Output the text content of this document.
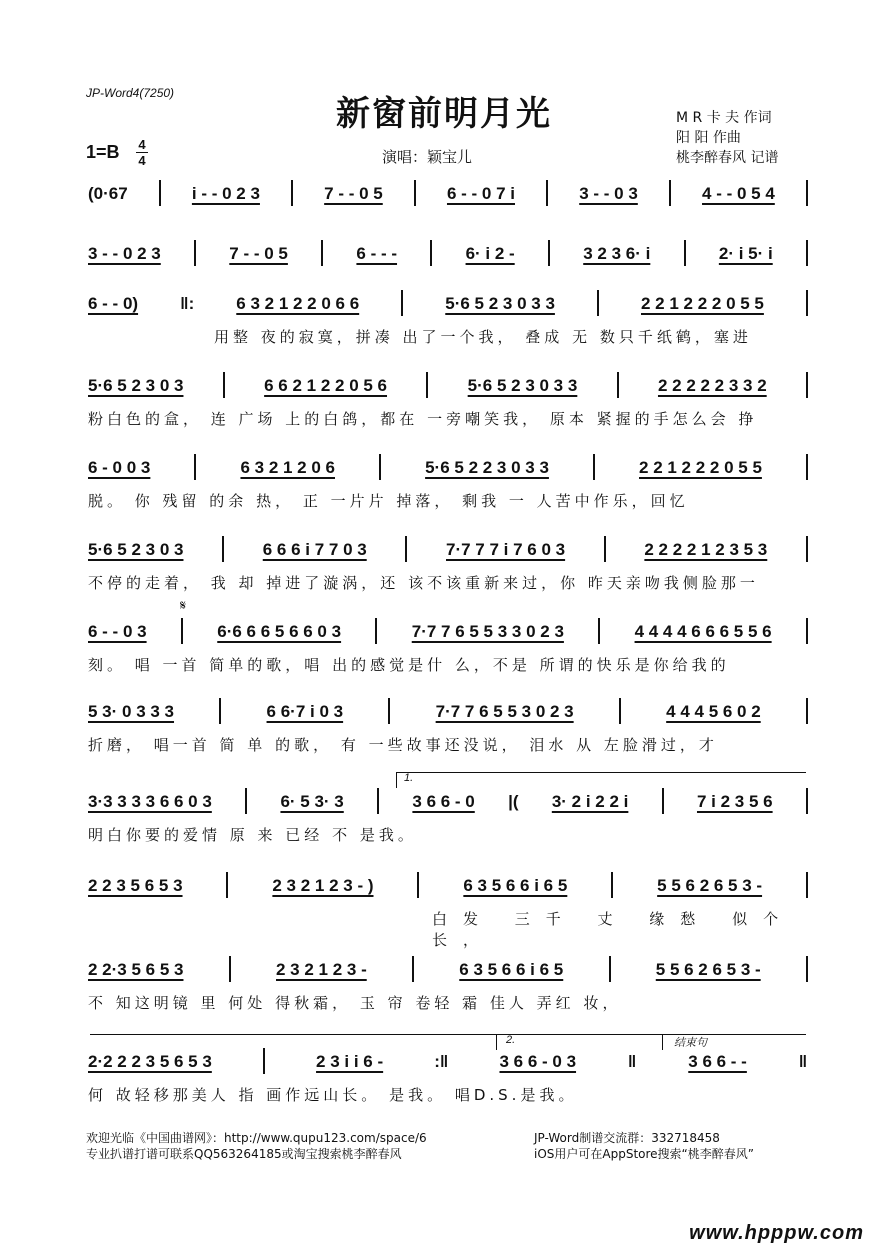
JP-Word4(7250)
新窗前明月光
演唱：颖宝儿
M R 卡 夫 作词
阳 阳 作曲
桃李醉春风 记谱
1=B 4
4
𝄋
(0·67	i - - 0 2 3	7 - - 0 5	6 - - 0 7 i	3 - - 0 3	4 - - 0 5 4
3 - - 0 2 3	7 - - 0 5	6 - - -	6· i 2 -	3 2 3 6· i	2· i 5· i
6 - - 0) ‖: 6 3 2 1 2 2 0 6 6	5·6 5 2 3 0 3 3	2 2 1 2 2 2 0 5 5
用整 夜的寂寞，拼凑 出了一个我， 叠成 无 数只千纸鹤，塞进
5·6 5 2 3 0 3	6 6 2 1 2 2 0 5 6	5·6 5 2 3 0 3 3	2 2 2 2 2 3 3 2
粉白色的盒， 连 广场 上的白鸽，都在 一旁嘲笑我， 原本 紧握的手怎么会 挣
6 - 0 0 3	6 3 2 1 2 0 6	5·6 5 2 2 3 0 3 3	2 2 1 2 2 2 0 5 5
脱。 你 残留 的余 热， 正 一片片 掉落， 剩我 一 人苦中作乐，回忆
5·6 5 2 3 0 3	6 6 6 i 7 7 0 3	7·7 7 7 i 7 6 0 3	2 2 2 2 1 2 3 5 3
不停的走着， 我 却 掉进了漩涡，还 该不该重新来过，你 昨天亲吻我侧脸那一
6 - - 0 3	6·6 6 6 5 6 6 0 3	7·7 7 6 5 5 3 3 0 2 3	4 4 4 4 6 6 6 5 5 6
刻。 唱 一首 简单的歌，唱 出的感觉是什 么，不是 所谓的快乐是你给我的
5 3· 0 3 3 3	6 6·7 i 0 3	7·7 7 6 5 5 3 0 2 3	4 4 4 5 6 0 2
折磨， 唱一首 简 单 的歌， 有 一些故事还没说， 泪水 从 左脸滑过，才
3·3 3 3 3 6 6 0 3	6· 5 3· 3	3 6 6 - 0 |( 3· 2 i 2 2 i	7 i 2 3 5 6
明白你要的爱情 原 来 已经 不 是我。
2 2 3 5 6 5 3	2 3 2 1 2 3 - )	6 3 5 6 6 i 6 5	5 5 6 2 6 5 3 -
白发 三千 丈 缘愁 似个 长，
2 2·3 5 6 5 3	2 3 2 1 2 3 -	6 3 5 6 6 i 6 5	5 5 6 2 6 5 3 -
不 知这明镜 里 何处 得秋霜， 玉 帘 卷轻 霜 佳人 弄红 妆，
2·2 2 2 3 5 6 5 3	2 3 i i 6 -	:‖	3 6 6 - 0 3	‖	3 6 6 - -	‖
何 故轻移那美人 指 画作远山长。 是我。 唱D.S.是我。
1.
2.	结束句
欢迎光临《中国曲谱网》：http://www.qupu123.com/space/6
专业扒谱打谱可联系QQ563264185或淘宝搜索桃李醉春风
JP-Word制谱交流群：332718458
iOS用户可在AppStore搜索“桃李醉春风”
www.hpppw.com
